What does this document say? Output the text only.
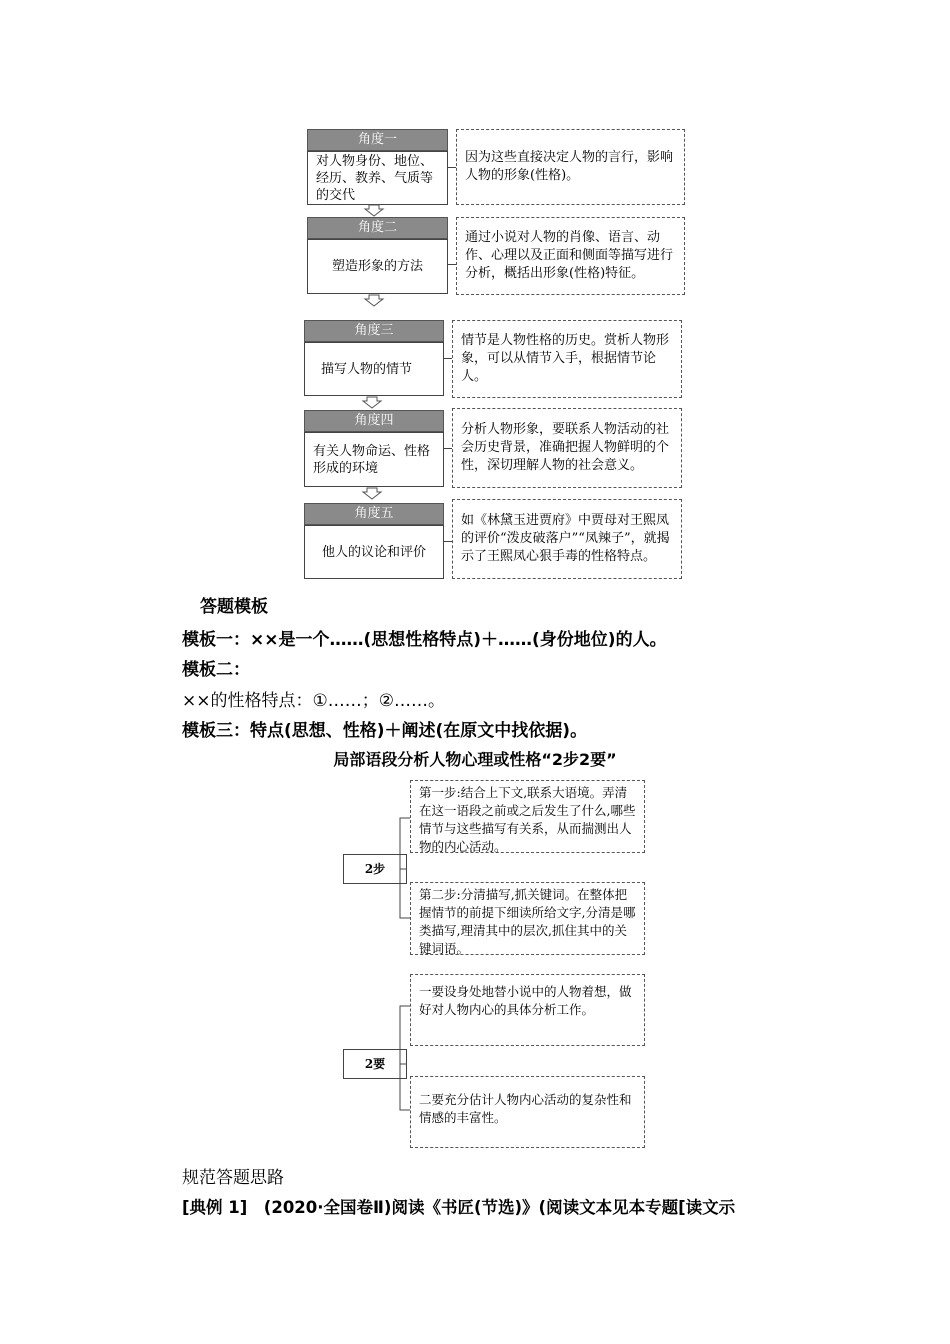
角度一
对人物身份、地位、经历、教养、气质等的交代
因为这些直接决定人物的言行，影响人物的形象(性格)。
角度二
塑造形象的方法
通过小说对人物的肖像、语言、动作、心理以及正面和侧面等描写进行分析，概括出形象(性格)特征。
角度三
描写人物的情节
情节是人物性格的历史。赏析人物形象，可以从情节入手，根据情节论人。
角度四
有关人物命运、性格形成的环境
分析人物形象，要联系人物活动的社会历史背景，准确把握人物鲜明的个性，深切理解人物的社会意义。
角度五
他人的议论和评价
如《林黛玉进贾府》中贾母对王熙凤的评价“泼皮破落户”“凤辣子”，就揭示了王熙凤心狠手毒的性格特点。
答题模板
模板一：××是一个……(思想性格特点)＋……(身份地位)的人。
模板二：
××的性格特点：①……；②……。
模板三：特点(思想、性格)＋阐述(在原文中找依据)。
局部语段分析人物心理或性格“2步2要”
2步
第一步:结合上下文,联系大语境。弄清在这一语段之前或之后发生了什么,哪些情节与这些描写有关系，从而揣测出人物的内心活动。
第二步:分清描写,抓关键词。在整体把握情节的前提下细读所给文字,分清是哪类描写,理清其中的层次,抓住其中的关键词语。
2要
一要设身处地替小说中的人物着想，做好对人物内心的具体分析工作。
二要充分估计人物内心活动的复杂性和情感的丰富性。
规范答题思路
[典例 1]　(2020·全国卷Ⅱ)阅读《书匠(节选)》(阅读文本见本专题[读文示
